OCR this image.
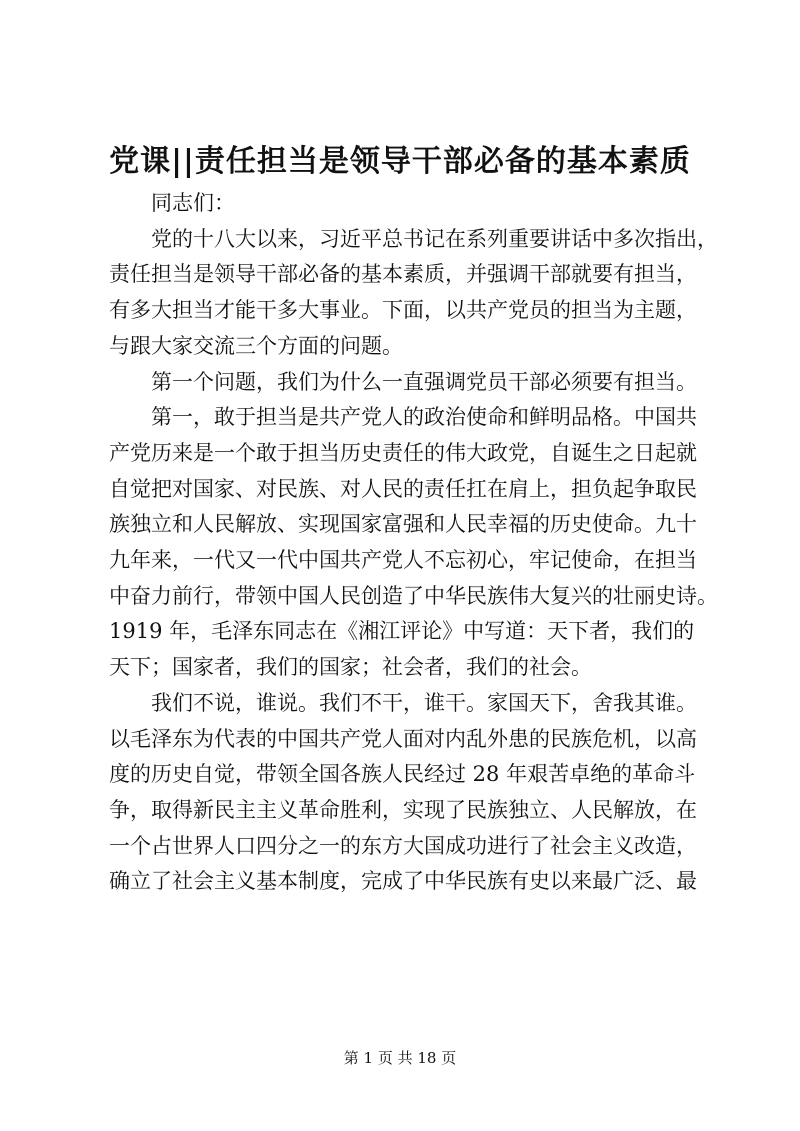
党课||责任担当是领导干部必备的基本素质

　　同志们：

　　党的十八大以来，习近平总书记在系列重要讲话中多次指出，

责任担当是领导干部必备的基本素质，并强调干部就要有担当，

有多大担当才能干多大事业。下面，以共产党员的担当为主题，

与跟大家交流三个方面的问题。

　　第一个问题，我们为什么一直强调党员干部必须要有担当。

　　第一，敢于担当是共产党人的政治使命和鲜明品格。中国共

产党历来是一个敢于担当历史责任的伟大政党，自诞生之日起就

自觉把对国家、对民族、对人民的责任扛在肩上，担负起争取民

族独立和人民解放、实现国家富强和人民幸福的历史使命。九十

九年来，一代又一代中国共产党人不忘初心，牢记使命，在担当

中奋力前行，带领中国人民创造了中华民族伟大复兴的壮丽史诗。

1919 年，毛泽东同志在《湘江评论》中写道：天下者，我们的

天下；国家者，我们的国家；社会者，我们的社会。

　　我们不说，谁说。我们不干，谁干。家国天下，舍我其谁。

以毛泽东为代表的中国共产党人面对内乱外患的民族危机，以高

度的历史自觉，带领全国各族人民经过 28 年艰苦卓绝的革命斗

争，取得新民主主义革命胜利，实现了民族独立、人民解放，在

一个占世界人口四分之一的东方大国成功进行了社会主义改造，

确立了社会主义基本制度，完成了中华民族有史以来最广泛、最

第 1 页 共 18 页
